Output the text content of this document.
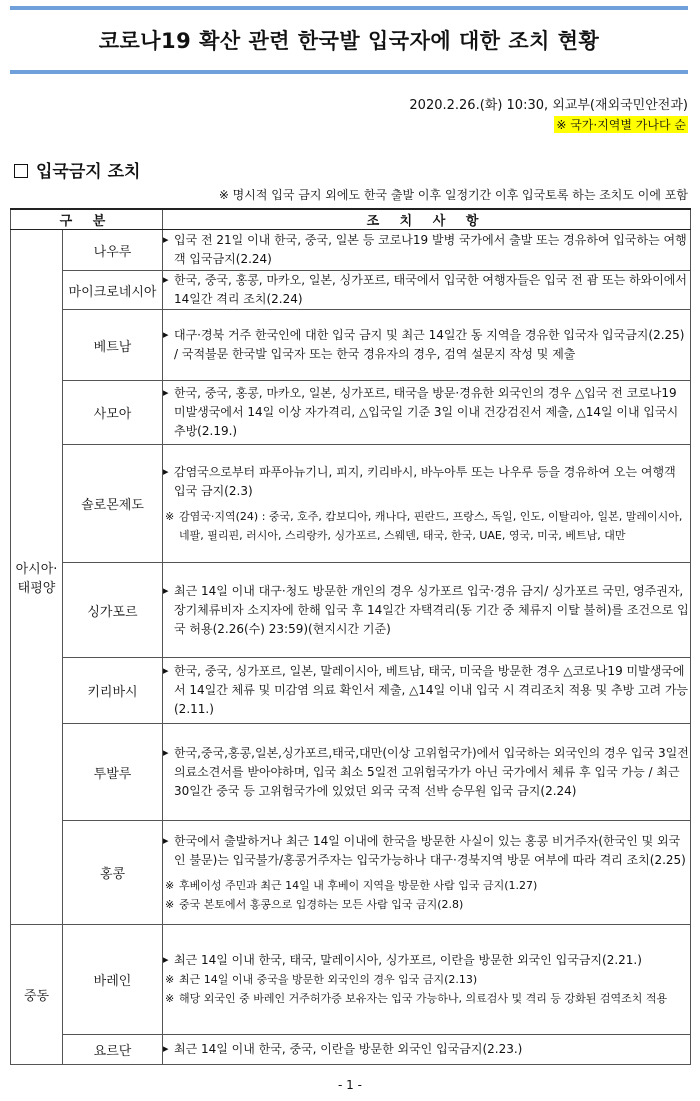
코로나19 확산 관련 한국발 입국자에 대한 조치 현황
2020.2.26.(화) 10:30, 외교부(재외국민안전과)
※ 국가·지역별 가나다 순
입국금지 조치
※ 명시적 입국 금지 외에도 한국 출발 이후 일정기간 이후 입국토록 하는 조치도 이에 포함
구 분		조 치 사 항

아시아·
태평양	나우루	▸ 입국 전 21일 이내 한국, 중국, 일본 등 코로나19 발병 국가에서 출발 또는 경유하여 입국하는 여행객 입국금지(2.24)

	마이크로네시아	▸ 한국, 중국, 홍콩, 마카오, 일본, 싱가포르, 태국에서 입국한 여행자들은 입국 전 괌 또는 하와이에서 14일간 격리 조치(2.24)

	베트남	▸ 대구·경북 거주 한국인에 대한 입국 금지 및 최근 14일간 동 지역을 경유한 입국자 입국금지(2.25) / 국적불문 한국발 입국자 또는 한국 경유자의 경우, 검역 설문지 작성 및 제출

	사모아	▸ 한국, 중국, 홍콩, 마카오, 일본, 싱가포르, 태국을 방문·경유한 외국인의 경우 △입국 전 코로나19 미발생국에서 14일 이상 자가격리, △입국일 기준 3일 이내 건강검진서 제출, △14일 이내 입국시 추방(2.19.)

	솔로몬제도	▸ 감염국으로부터 파푸아뉴기니, 피지, 키리바시, 바누아투 또는 나우루 등을 경유하여 오는 여행객 입국 금지(2.3)
※ 감염국·지역(24) : 중국, 호주, 캄보디아, 캐나다, 핀란드, 프랑스, 독일, 인도, 이탈리아, 일본, 말레이시아, 네팔, 필리핀, 러시아, 스리랑카, 싱가포르, 스웨덴, 태국, 한국, UAE, 영국, 미국, 베트남, 대만

	싱가포르	▸ 최근 14일 이내 대구·청도 방문한 개인의 경우 싱가포르 입국·경유 금지/ 싱가포르 국민, 영주권자, 장기체류비자 소지자에 한해 입국 후 14일간 자택격리(동 기간 중 체류지 이탈 불허)를 조건으로 입국 허용(2.26(수) 23:59)(현지시간 기준)

	키리바시	▸ 한국, 중국, 싱가포르, 일본, 말레이시아, 베트남, 태국, 미국을 방문한 경우 △코로나19 미발생국에서 14일간 체류 및 미감염 의료 확인서 제출, △14일 이내 입국 시 격리조치 적용 및 추방 고려 가능(2.11.)

	투발루	▸ 한국,중국,홍콩,일본,싱가포르,태국,대만(이상 고위험국가)에서 입국하는 외국인의 경우 입국 3일전 의료소견서를 받아야하며, 입국 최소 5일전 고위험국가가 아닌 국가에서 체류 후 입국 가능 / 최근 30일간 중국 등 고위험국가에 있었던 외국 국적 선박 승무원 입국 금지(2.24)

	홍콩	▸ 한국에서 출발하거나 최근 14일 이내에 한국을 방문한 사실이 있는 홍콩 비거주자(한국인 및 외국인 불문)는 입국불가/홍콩거주자는 입국가능하나 대구·경북지역 방문 여부에 따라 격리 조치(2.25)
※ 후베이성 주민과 최근 14일 내 후베이 지역을 방문한 사람 입국 금지(1.27)
※ 중국 본토에서 홍콩으로 입경하는 모든 사람 입국 금지(2.8)

중동	바레인	▸ 최근 14일 이내 한국, 태국, 말레이시아, 싱가포르, 이란을 방문한 외국인 입국금지(2.21.)
※ 최근 14일 이내 중국을 방문한 외국인의 경우 입국 금지(2.13)
※ 해당 외국인 중 바레인 거주허가증 보유자는 입국 가능하나, 의료검사 및 격리 등 강화된 검역조치 적용

	요르단	▸ 최근 14일 이내 한국, 중국, 이란을 방문한 외국인 입국금지(2.23.)
- 1 -
